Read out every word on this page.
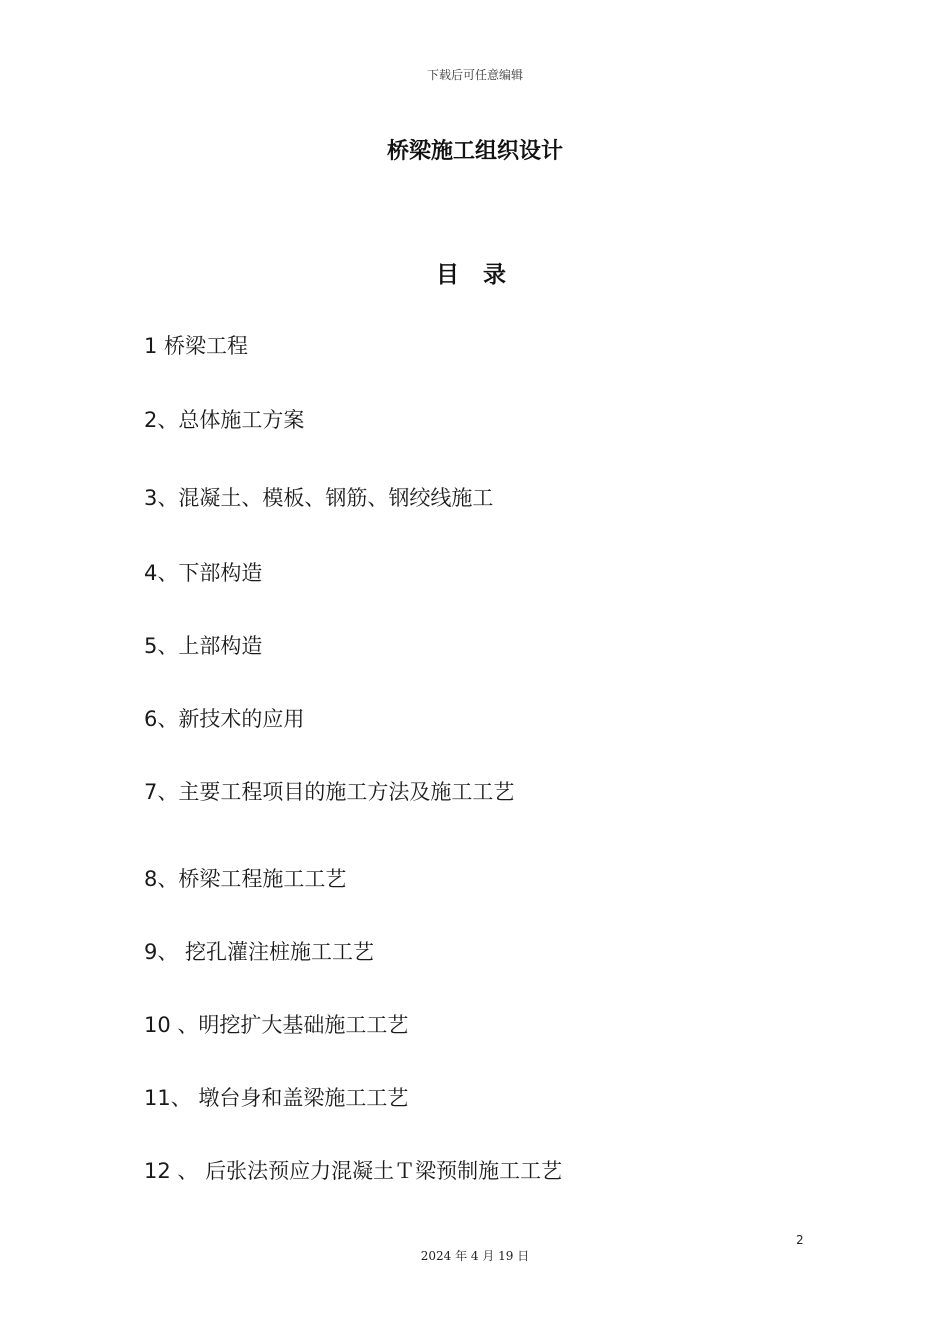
下载后可任意编辑
桥梁施工组织设计
目 录
1 桥梁工程
2、总体施工方案
3、混凝土、模板、钢筋、钢绞线施工
4、下部构造
5、上部构造
6、新技术的应用
7、主要工程项目的施工方法及施工工艺
8、桥梁工程施工工艺
9、 挖孔灌注桩施工工艺
10 、明挖扩大基础施工工艺
11、 墩台身和盖梁施工工艺
12 、 后张法预应力混凝土Ｔ梁预制施工工艺
2
2024 年 4 月 19 日
